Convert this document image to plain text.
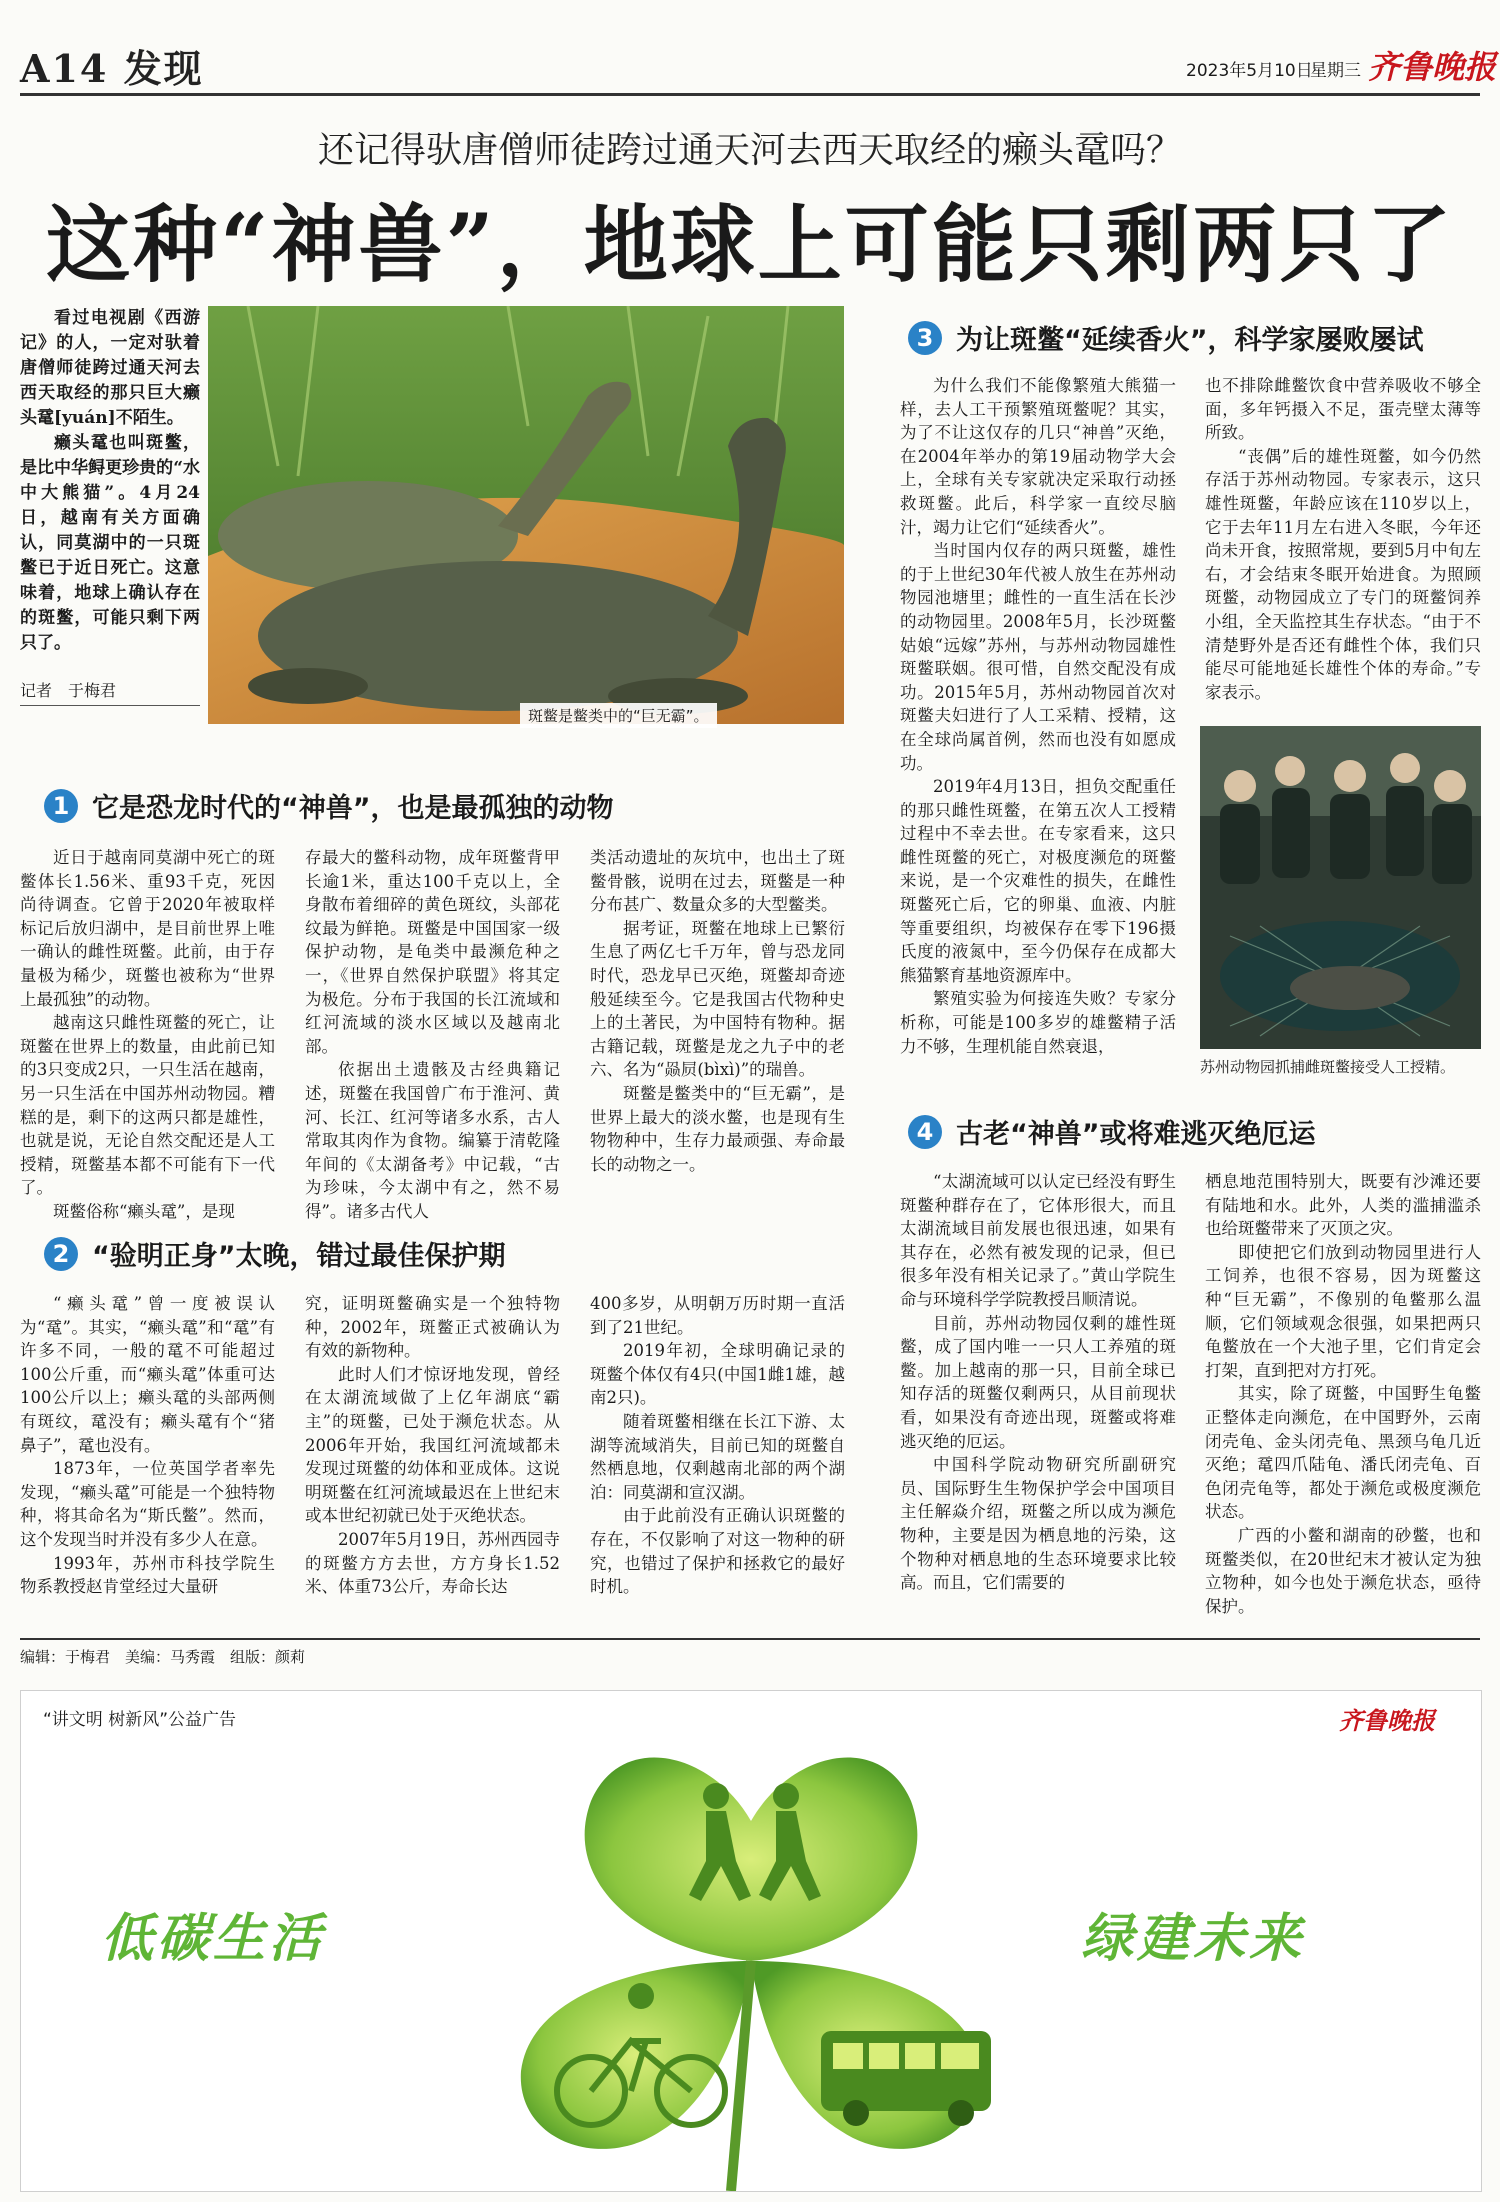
A14 发现	2023年5月10日
星期三 齐鲁晚报
还记得驮唐僧师徒跨过通天河去西天取经的癞头鼋吗？
这种“神兽”，地球上可能只剩两只了

看过电视剧《西游记》的人，一定对驮着唐僧师徒跨过通天河去西天取经的那只巨大癞头鼋[yuán]不陌生。

癞头鼋也叫斑鳖，是比中华鲟更珍贵的“水中大熊猫”。4月24日，越南有关方面确认，同莫湖中的一只斑鳖已于近日死亡。这意味着，地球上确认存在的斑鳖，可能只剩下两只了。

记者　于梅君
斑鳖是鳖类中的“巨无霸”。
1 它是恐龙时代的“神兽”，也是最孤独的动物

近日于越南同莫湖中死亡的斑鳖体长1.56米、重93千克，死因尚待调查。它曾于2020年被取样标记后放归湖中，是目前世界上唯一确认的雌性斑鳖。此前，由于存量极为稀少，斑鳖也被称为“世界上最孤独”的动物。

越南这只雌性斑鳖的死亡，让斑鳖在世界上的数量，由此前已知的3只变成2只，一只生活在越南，另一只生活在中国苏州动物园。糟糕的是，剩下的这两只都是雄性，也就是说，无论自然交配还是人工授精，斑鳖基本都不可能有下一代了。

斑鳖俗称“癞头鼋”，是现

存最大的鳖科动物，成年斑鳖背甲长逾1米，重达100千克以上，全身散布着细碎的黄色斑纹，头部花纹最为鲜艳。斑鳖是中国国家一级保护动物，是龟类中最濒危种之一，《世界自然保护联盟》将其定为极危。分布于我国的长江流域和红河流域的淡水区域以及越南北部。

依据出土遗骸及古经典籍记述，斑鳖在我国曾广布于淮河、黄河、长江、红河等诸多水系，古人常取其肉作为食物。编纂于清乾隆年间的《太湖备考》中记载，“古为珍味，今太湖中有之，然不易得”。诸多古代人

类活动遗址的灰坑中，也出土了斑鳖骨骸，说明在过去，斑鳖是一种分布甚广、数量众多的大型鳖类。

据考证，斑鳖在地球上已繁衍生息了两亿七千万年，曾与恐龙同时代，恐龙早已灭绝，斑鳖却奇迹般延续至今。它是我国古代物种史上的土著民，为中国特有物种。据古籍记载，斑鳖是龙之九子中的老六、名为“赑屃(bìxì)”的瑞兽。

斑鳖是鳖类中的“巨无霸”，是世界上最大的淡水鳖，也是现有生物物种中，生存力最顽强、寿命最长的动物之一。

2 “验明正身”太晚，错过最佳保护期

“癞头鼋”曾一度被误认为“鼋”。其实，“癞头鼋”和“鼋”有许多不同，一般的鼋不可能超过100公斤重，而“癞头鼋”体重可达100公斤以上；癞头鼋的头部两侧有斑纹，鼋没有；癞头鼋有个“猪鼻子”，鼋也没有。

1873年，一位英国学者率先发现，“癞头鼋”可能是一个独特物种，将其命名为“斯氏鳖”。然而，这个发现当时并没有多少人在意。

1993年，苏州市科技学院生物系教授赵肯堂经过大量研

究，证明斑鳖确实是一个独特物种，2002年，斑鳖正式被确认为有效的新物种。

此时人们才惊讶地发现，曾经在太湖流域做了上亿年湖底“霸主”的斑鳖，已处于濒危状态。从2006年开始，我国红河流域都未发现过斑鳖的幼体和亚成体。这说明斑鳖在红河流域最迟在上世纪末或本世纪初就已处于灭绝状态。

2007年5月19日，苏州西园寺的斑鳖方方去世，方方身长1.52米、体重73公斤，寿命长达

400多岁，从明朝万历时期一直活到了21世纪。

2019年初，全球明确记录的斑鳖个体仅有4只(中国1雌1雄，越南2只)。

随着斑鳖相继在长江下游、太湖等流域消失，目前已知的斑鳖自然栖息地，仅剩越南北部的两个湖泊：同莫湖和宣汉湖。

由于此前没有正确认识斑鳖的存在，不仅影响了对这一物种的研究，也错过了保护和拯救它的最好时机。

3 为让斑鳖“延续香火”，科学家屡败屡试

为什么我们不能像繁殖大熊猫一样，去人工干预繁殖斑鳖呢？其实，为了不让这仅存的几只“神兽”灭绝，在2004年举办的第19届动物学大会上，全球有关专家就决定采取行动拯救斑鳖。此后，科学家一直绞尽脑汁，竭力让它们“延续香火”。

当时国内仅存的两只斑鳖，雄性的于上世纪30年代被人放生在苏州动物园池塘里；雌性的一直生活在长沙的动物园里。2008年5月，长沙斑鳖姑娘“远嫁”苏州，与苏州动物园雄性斑鳖联姻。很可惜，自然交配没有成功。2015年5月，苏州动物园首次对斑鳖夫妇进行了人工采精、授精，这在全球尚属首例，然而也没有如愿成功。

2019年4月13日，担负交配重任的那只雌性斑鳖，在第五次人工授精过程中不幸去世。在专家看来，这只雌性斑鳖的死亡，对极度濒危的斑鳖来说，是一个灾难性的损失，在雌性斑鳖死亡后，它的卵巢、血液、内脏等重要组织，均被保存在零下196摄氏度的液氮中，至今仍保存在成都大熊猫繁育基地资源库中。

繁殖实验为何接连失败？专家分析称，可能是100多岁的雄鳖精子活力不够，生理机能自然衰退，

也不排除雌鳖饮食中营养吸收不够全面，多年钙摄入不足，蛋壳壁太薄等所致。

“丧偶”后的雄性斑鳖，如今仍然存活于苏州动物园。专家表示，这只雄性斑鳖，年龄应该在110岁以上，它于去年11月左右进入冬眠，今年还尚未开食，按照常规，要到5月中旬左右，才会结束冬眠开始进食。为照顾斑鳖，动物园成立了专门的斑鳖饲养小组，全天监控其生存状态。“由于不清楚野外是否还有雌性个体，我们只能尽可能地延长雄性个体的寿命。”专家表示。

苏州动物园抓捕雌斑鳖接受人工授精。
4 古老“神兽”或将难逃灭绝厄运

“太湖流域可以认定已经没有野生斑鳖种群存在了，它体形很大，而且太湖流域目前发展也很迅速，如果有其存在，必然有被发现的记录，但已很多年没有相关记录了。”黄山学院生命与环境科学学院教授吕顺清说。

目前，苏州动物园仅剩的雄性斑鳖，成了国内唯一一只人工养殖的斑鳖。加上越南的那一只，目前全球已知存活的斑鳖仅剩两只，从目前现状看，如果没有奇迹出现，斑鳖或将难逃灭绝的厄运。

中国科学院动物研究所副研究员、国际野生生物保护学会中国项目主任解焱介绍，斑鳖之所以成为濒危物种，主要是因为栖息地的污染，这个物种对栖息地的生态环境要求比较高。而且，它们需要的

栖息地范围特别大，既要有沙滩还要有陆地和水。此外，人类的滥捕滥杀也给斑鳖带来了灭顶之灾。

即使把它们放到动物园里进行人工饲养，也很不容易，因为斑鳖这种“巨无霸”，不像别的龟鳖那么温顺，它们领域观念很强，如果把两只龟鳖放在一个大池子里，它们肯定会打架，直到把对方打死。

其实，除了斑鳖，中国野生龟鳖正整体走向濒危，在中国野外，云南闭壳龟、金头闭壳龟、黑颈乌龟几近灭绝；鼋四爪陆龟、潘氏闭壳龟、百色闭壳龟等，都处于濒危或极度濒危状态。

广西的小鳖和湖南的砂鳖，也和斑鳖类似，在20世纪末才被认定为独立物种，如今也处于濒危状态，亟待保护。

编辑：于梅君　美编：马秀霞　组版：颜莉
“讲文明 树新风”公益广告	齐鲁晚报
低碳生活	绿建未来
